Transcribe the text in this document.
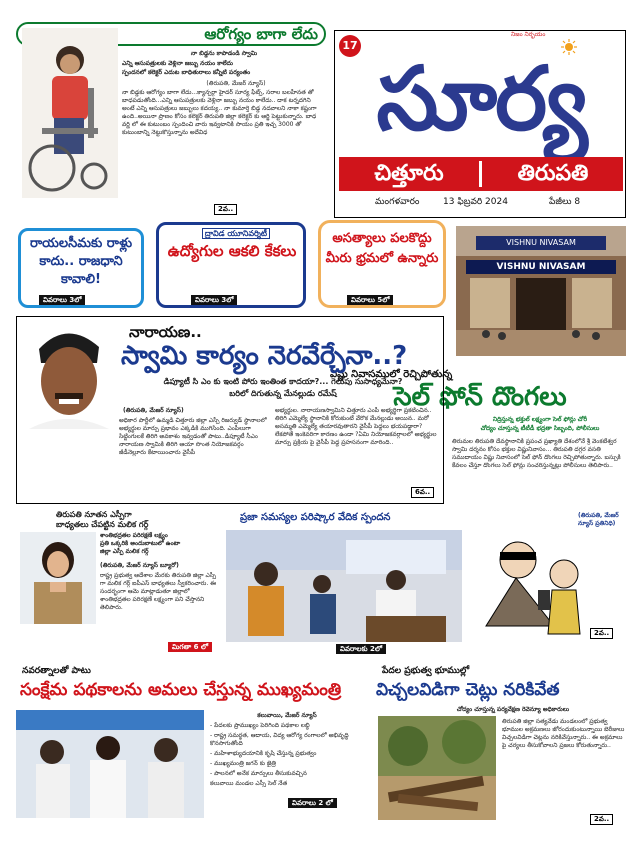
ఆరోగ్యం బాగా లేదు
నా బిడ్డను కాపాడండి స్వామి
ఎన్ని ఆసుపత్రులకు వెళ్లినా జబ్బు నయం కాలేదు
స్పందనలో కలెక్టర్ ఎదుట బాధితురాలు కన్నీటి పర్యంతం
(తిరుపతి, మేజర్ న్యూస్)
నా బిడ్డకు ఆరోగ్యం బాగా లేదు...క్యాన్సర్గా హైదర్ సూర్య ఫీట్స్, సరాల బలహీనత తో బాధపడుతోంది...ఎన్ని ఆసుపత్రులకు వెళ్లినా జబ్బు నయం కాలేదు.. దాక టర్నదగిని అంటే ఎన్ని ఆసుపత్రులు జబ్బులు కదయ్య.. నా కుమార్తె బిడ్డ నదవాలని నాకా కష్టంగా ఉంది..అయినా ప్రాణం కోసం కలెక్టర్ తిరుపతి జిల్లా కలెక్టర్ కు ఆర్జి పెట్టుకున్నారు. బాధ వర్ణి లో ఈ కుటుంబం స్పందించి వారు ఇవ్వటానికి సాయం ప్రతి ఇచ్చ 3000 తో కుటుంబాన్ని నెట్టుకొస్తున్నాను అదేవిధ
2వ..
17
నిజం నిర్భయం
సూర్య
చిత్తూరు	తిరుపతి
మంగళవారం	13 ఫిబ్రవరి 2024	పేజీలు 8
రాయలసీమకు రాళ్లు కాదు.. రాజధాని కావాలి!
వివరాలు 3లో
ద్రావిడ యూనివర్శిటీ
ఉద్యోగుల ఆకలి కేకలు
వివరాలు 3లో
అసత్యాలు పలకొద్దు మీరు భ్రమలో ఉన్నారు
వివరాలు 5లో
VISHNU NIVASAM
VISHNU NIVASAM
విష్ణు నివాసములో రెచ్చిపోతున్న
సెల్ ఫోన్ దొంగలు
నిద్రిస్తున్న భక్తుల్ లక్ష్యంగా సెల్ ఫోన్లు చోరీ
చోద్యం చూస్తున్న టీటీడీ భద్రతా సిబ్బంది, పోలీసులు
తిరుమల తిరుపతి దేవస్థానానికి ప్రపంచ ప్రఖ్యాతి దేశంలోనే శ్రీ వెంకటేశ్వర స్వామి దర్శనం కోసం భక్తుల విష్ణునివాసం... తిరుపతి దగ్గర వసతి సముదాయం విష్ణు నివాసంలో సెల్ ఫోన్ దొంగలు రెచ్చిపోతున్నారు. బస్సుకి కేవలం చేస్తూ దొంగలు సెల్ ఫోన్లు సంచరిస్తున్నట్లు పోలీసులు తెలిపారు..
(తిరుపతి, మేజర్ న్యూస్ ప్రతినిధి)
2వ..
నారాయణ..
స్వామి కార్యం నెరవేర్చేనా..?
డిప్యూటీ సి ఎం కు ఇంటి పోరు ఇంతింత కాదయా?... గెలుపు సుసాధ్యమేనా?
బరిలో దిగుతున్న మేనల్లుడు రమేష్
(తిరుపతి, మేజర్ న్యూస్)
అధికార పార్టీలో ఉమ్మడి చిత్తూరు జిల్లా ఎస్సీ రిజర్వుడ్ స్థానాలలో అభ్యర్థుల మార్పు ప్రభావం ఎక్కడికి ముగిసింది. ఎంపీలుగా సిట్టింగులకే తిరిగి అవకాశం ఇవ్వడంతో పాటు..డిప్యూటీ సీఎం నారాయణ స్వామికి తిరిగి ఆయా సొంత నియోజకవర్గం జీడీనెల్లూరు కేటాయించారు వైసీపీ
అభ్యర్థుల. నారాయణస్వామిని చిత్తూరు ఎంపీ అభ్యర్థిగా ప్రకటించిన.. తిరిగి ఎమ్మెల్యే స్థానానికి కోరుకుంటే వేరొక మేనల్లుడు అయిన.. మరో అసమ్మతి ఎమ్మెల్యే తయారవుతారని వైసీపీ పెద్దలు భయపడ్డారా? లేకపోతే ఇంకెవరిగా కారణం ఉందా ?ఏమి నియోజకవర్గాలలో అభ్యర్థుల మార్పు ప్రక్రియ పై వైసీపీ పెద్ద ప్రహసనంగా మారింది..
6వ..
తిరుపతి నూతన ఎస్పీగా
బాధ్యతలు చేపట్టిన మలిక గర్గ్
శాంతిభద్రతల పరిరక్షణే లక్ష్యం
ప్రతి ఒక్కరికి అందుబాటులో ఉంటా
జిల్లా ఎస్పీ మలిక గర్గ్
(తిరుపతి, మేజర్ న్యూస్ బ్యూరో)
రాష్ట్ర ప్రభుత్వ ఆదేశాల మేరకు తిరుపతి జిల్లా ఎస్పీ గా మలిక గర్గ్ ఐపీఎస్ బాధ్యతలు స్వీకరించారు. ఈ సందర్భంగా ఆమె మాట్లాడుతూ జిల్లాలో శాంతిభద్రతల పరిరక్షణే లక్ష్యంగా పని చేస్తానని తెలిపారు.
మిగతా 6 లో
ప్రజా సమస్యల పరిష్కార వేదిక స్పందన
వివరాలకు 2లో
నవరత్నాలతో పాటు
సంక్షేమ పథకాలను అమలు చేస్తున్న ముఖ్యమంత్రి
కలువాయి, మేజర్ న్యూస్
- పేదలకు ప్రాముఖ్యం పెరిగింది పథకాల లబ్ధి
- రాష్ట్ర సమర్థత, ఆదాయ, విద్య ఆరోగ్య రంగాలలో అభివృద్ధి కొనసాగుతోంది
- మహిళాభ్యుదయానికి కృషి చేస్తున్న ప్రభుత్వం
- ముఖ్యమంత్రి జగన్ కు జైత్రి
- పాలనలో అనేక మార్పులు తీసుకువచ్చిన
కలువాయి మండల ఎస్సీ సెల్ నేత
వివరాలు 2 లో
పేదల ప్రభుత్వ భూముల్లో
విచ్చలవిడిగా చెట్లు నరికివేత
చోద్యం చూస్తున్న పర్యవేక్షణ రెవెన్యూ అధికారులు
తిరుపతి జిల్లా సత్యవేడు మండలంలో ప్రభుత్వ భూముల అక్రమణలు జోరందుకుంటున్నాయి బెరీజులు విచ్చలవిడిగా చెట్లను నరికివేస్తున్నారు.. ఈ అక్రమాలు పై చర్యలు తీసుకోవాలని ప్రజలు కోరుతున్నారు..
2వ..
